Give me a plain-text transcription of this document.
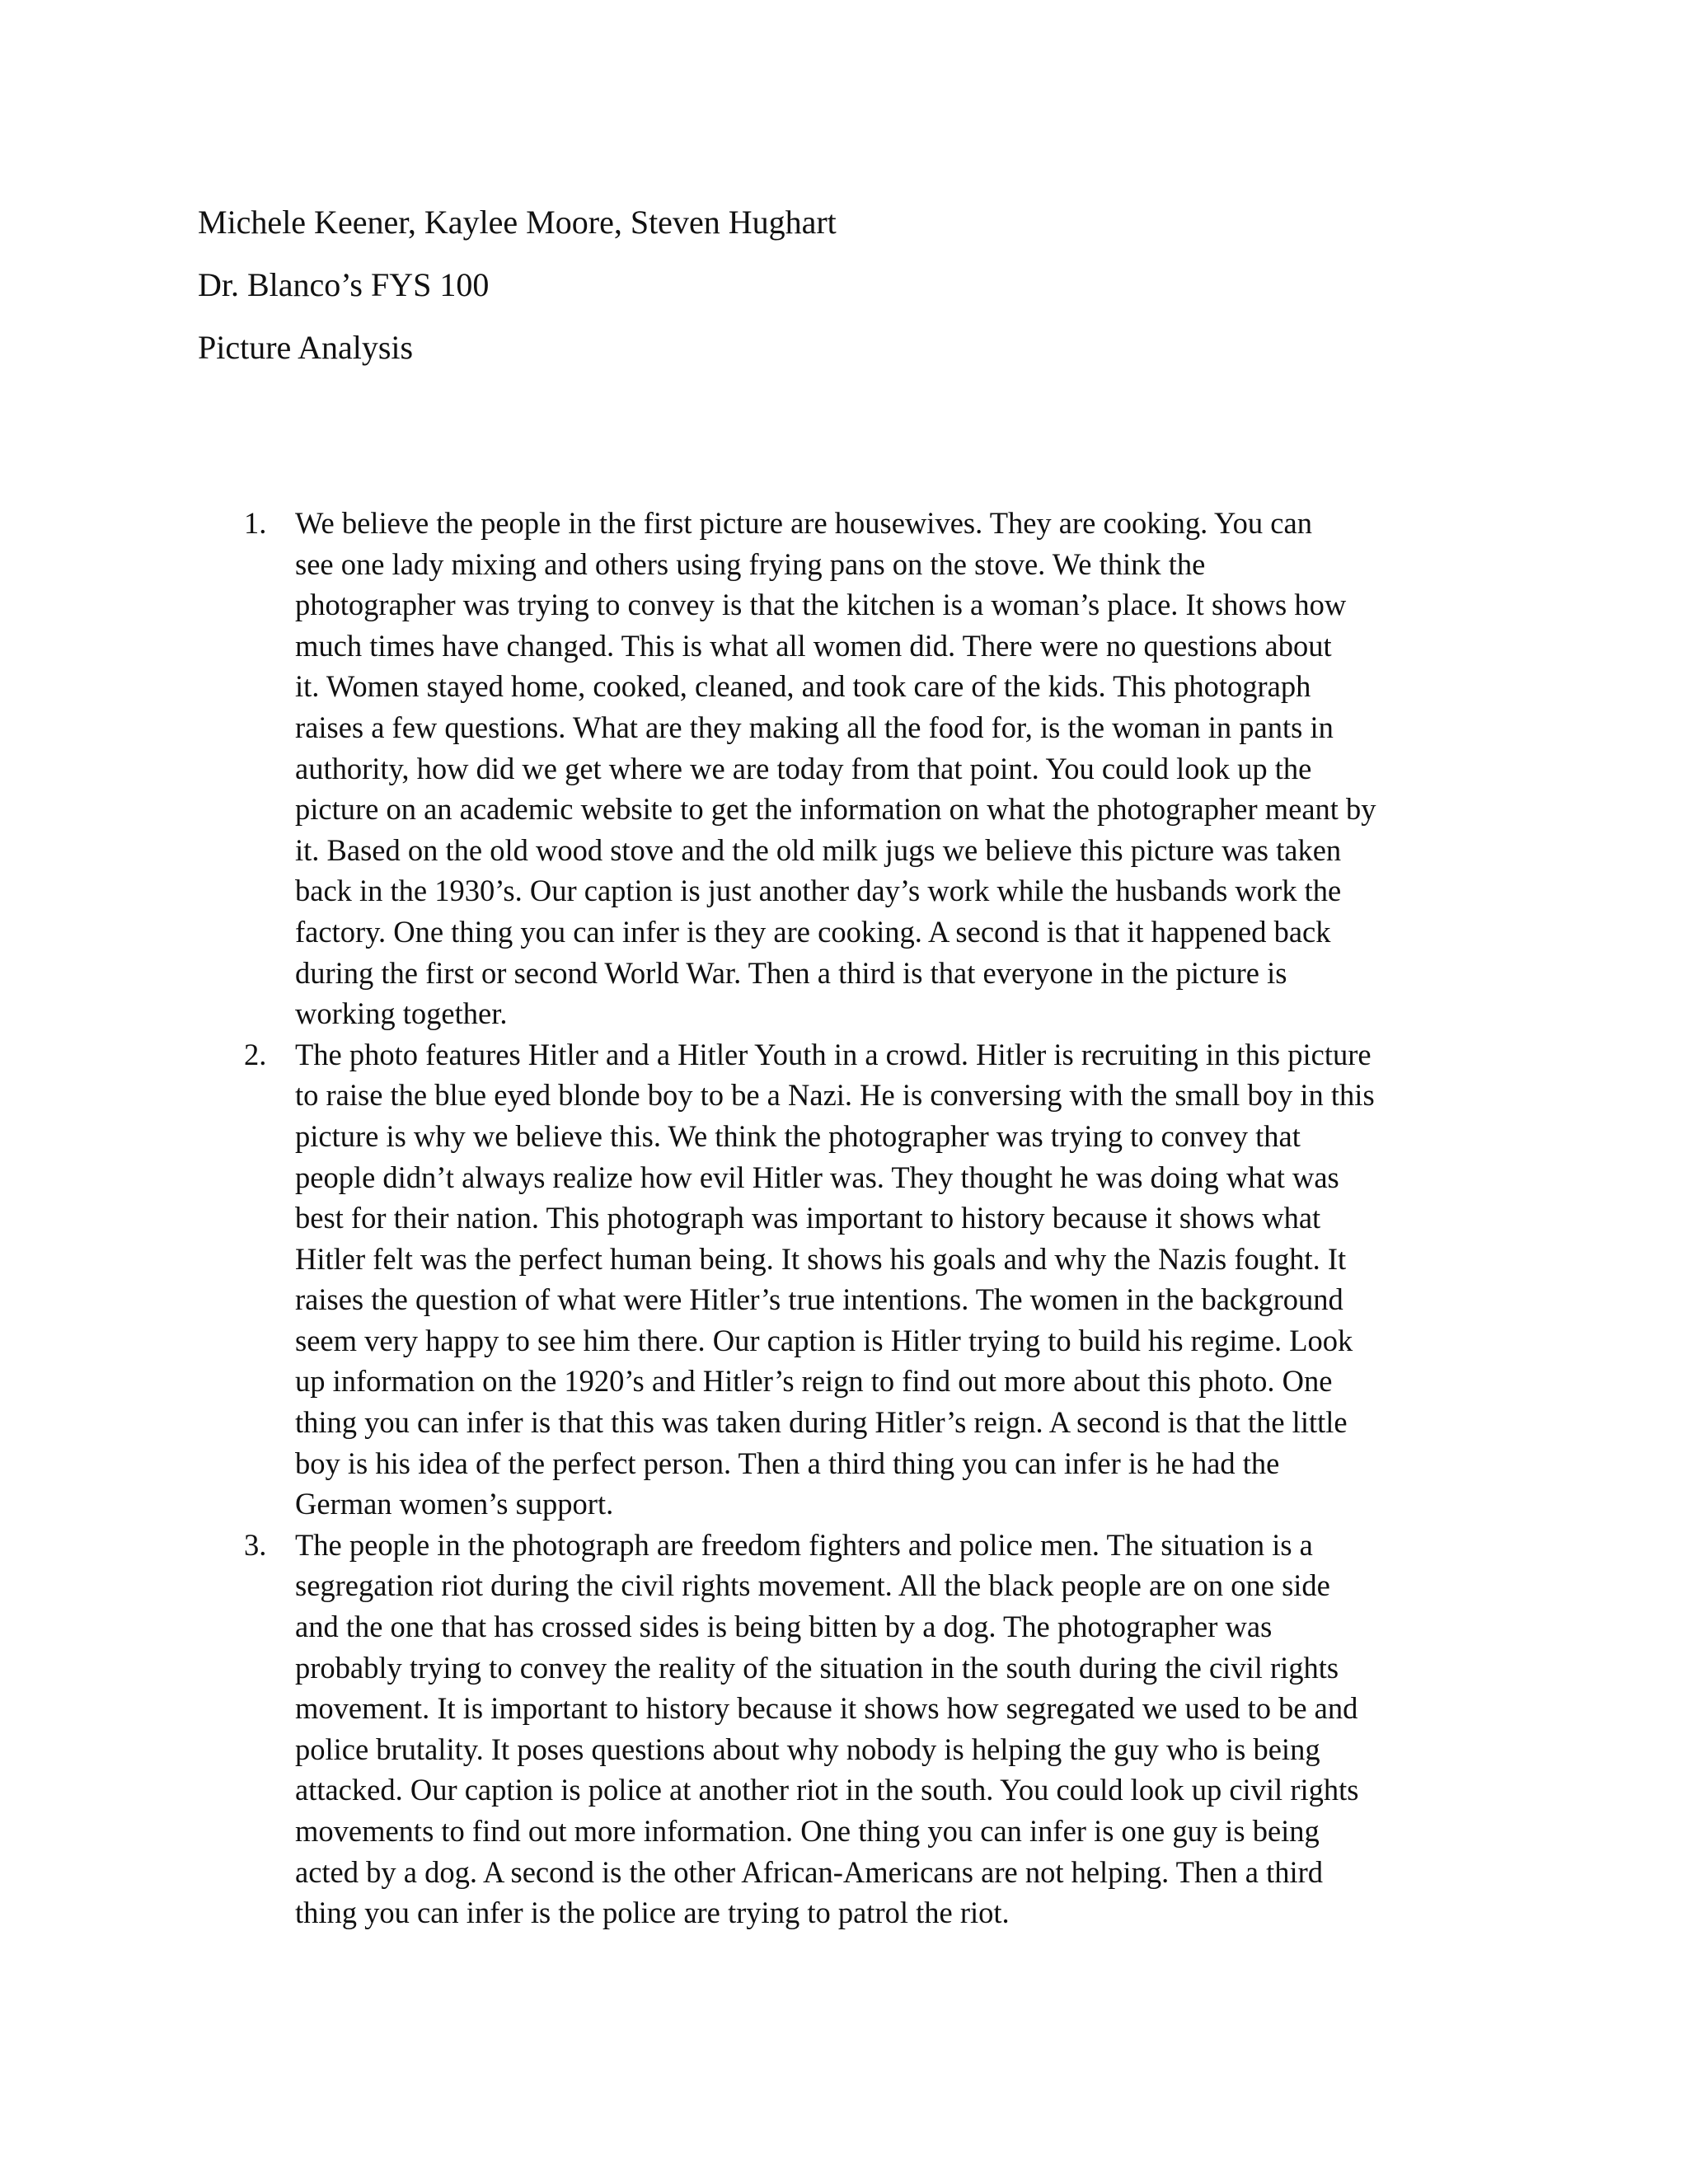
Michele Keener, Kaylee Moore, Steven Hughart
Dr. Blanco’s FYS 100
Picture Analysis
1. We believe the people in the first picture are housewives. They are cooking. You can
see one lady mixing and others using frying pans on the stove. We think the
photographer was trying to convey is that the kitchen is a woman’s place. It shows how
much times have changed. This is what all women did. There were no questions about
it. Women stayed home, cooked, cleaned, and took care of the kids. This photograph
raises a few questions. What are they making all the food for, is the woman in pants in
authority, how did we get where we are today from that point. You could look up the
picture on an academic website to get the information on what the photographer meant by
it. Based on the old wood stove and the old milk jugs we believe this picture was taken
back in the 1930’s. Our caption is just another day’s work while the husbands work the
factory. One thing you can infer is they are cooking. A second is that it happened back
during the first or second World War. Then a third is that everyone in the picture is
working together.
2. The photo features Hitler and a Hitler Youth in a crowd. Hitler is recruiting in this picture
to raise the blue eyed blonde boy to be a Nazi. He is conversing with the small boy in this
picture is why we believe this. We think the photographer was trying to convey that
people didn’t always realize how evil Hitler was. They thought he was doing what was
best for their nation. This photograph was important to history because it shows what
Hitler felt was the perfect human being. It shows his goals and why the Nazis fought. It
raises the question of what were Hitler’s true intentions. The women in the background
seem very happy to see him there. Our caption is Hitler trying to build his regime. Look
up information on the 1920’s and Hitler’s reign to find out more about this photo. One
thing you can infer is that this was taken during Hitler’s reign. A second is that the little
boy is his idea of the perfect person. Then a third thing you can infer is he had the
German women’s support.
3. The people in the photograph are freedom fighters and police men. The situation is a
segregation riot during the civil rights movement. All the black people are on one side
and the one that has crossed sides is being bitten by a dog. The photographer was
probably trying to convey the reality of the situation in the south during the civil rights
movement. It is important to history because it shows how segregated we used to be and
police brutality. It poses questions about why nobody is helping the guy who is being
attacked. Our caption is police at another riot in the south. You could look up civil rights
movements to find out more information. One thing you can infer is one guy is being
acted by a dog. A second is the other African-Americans are not helping. Then a third
thing you can infer is the police are trying to patrol the riot.
